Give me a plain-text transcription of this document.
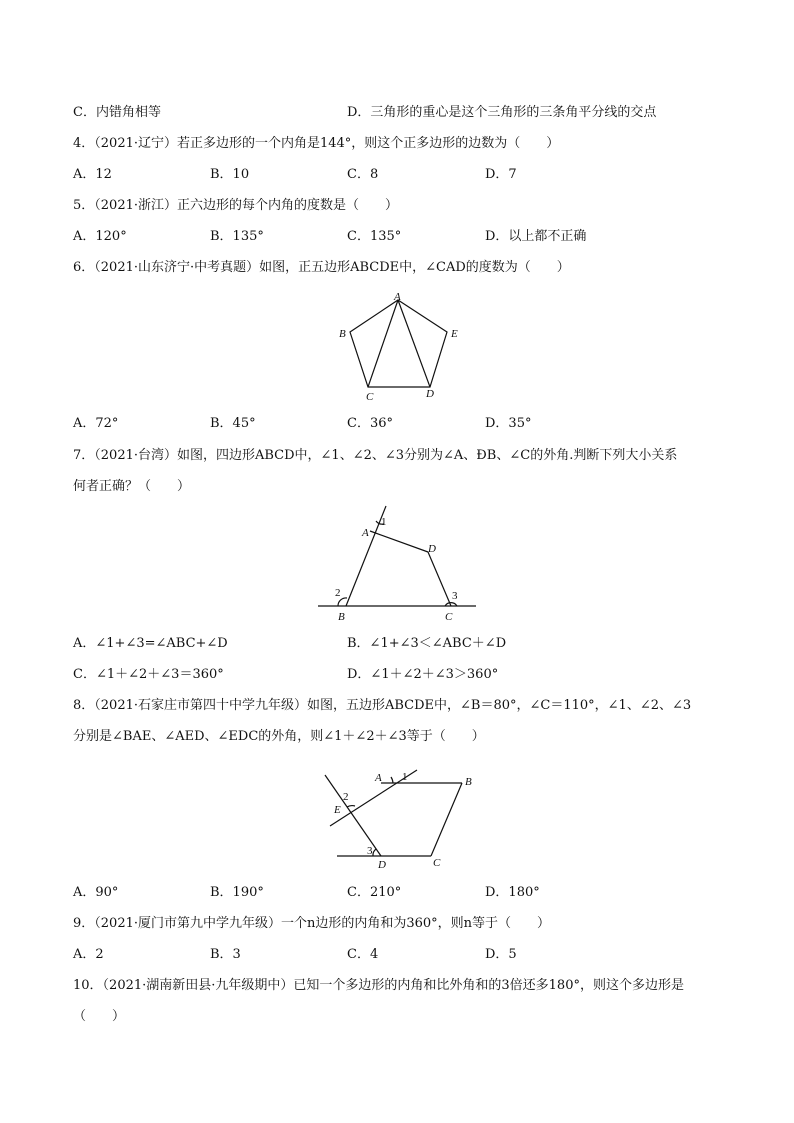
C．内错角相等	D．三角形的重心是这个三角形的三条角平分线的交点
4．（2021·辽宁）若正多边形的一个内角是144°，则这个正多边形的边数为（　　）
A．12	B．10	C．8	D．7
5．（2021·浙江）正六边形的每个内角的度数是（　　）
A．120°	B．135°	C．135°	D．以上都不正确
6．（2021·山东济宁·中考真题）如图，正五边形ABCDE中，∠CAD的度数为（　　）
A
B
C	D
E
A．72°	B．45°	C．36°	D．35°
7．（2021·台湾）如图，四边形ABCD中，∠1、∠2、∠3分别为∠A、ÐB、∠C的外角.判断下列大小关系
何者正确？（　　）
A
B	C
D
1
2	3
A．∠1+∠3=∠ABC+∠D	B．∠1+∠3＜∠ABC＋∠D
C．∠1＋∠2＋∠3＝360°	D．∠1＋∠2＋∠3＞360°
8．（2021·石家庄市第四十中学九年级）如图，五边形ABCDE中，∠B＝80°，∠C＝110°，∠1、∠2、∠3
分别是∠BAE、∠AED、∠EDC的外角，则∠1＋∠2＋∠3等于（　　）
A	B
C
D
E
1
2
3
A．90°	B．190°	C．210°	D．180°
9．（2021·厦门市第九中学九年级）一个n边形的内角和为360°，则n等于（　　）
A．2	B．3	C．4	D．5
10．（2021·湖南新田县·九年级期中）已知一个多边形的内角和比外角和的3倍还多180°，则这个多边形是
（　　）
